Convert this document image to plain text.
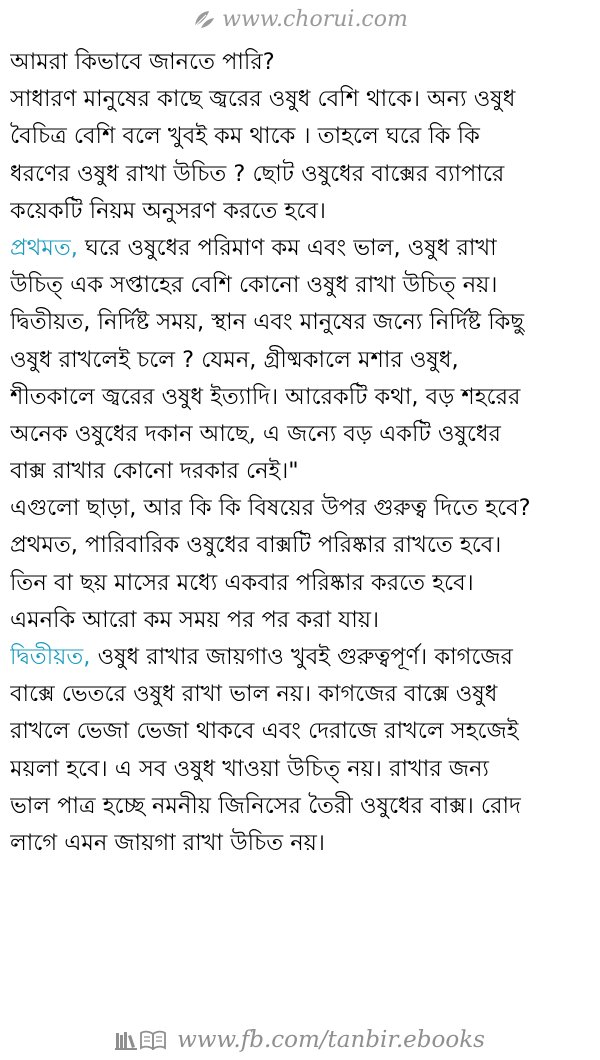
www.chorui.com
আমরা কিভাবে জানতে পারি?
সাধারণ মানুষের কাছে জ্বরের ওষুধ বেশি থাকে। অন্য ওষুধ
বৈচিত্র বেশি বলে খুবই কম থাকে । তাহলে ঘরে কি কি
ধরণের ওষুধ রাখা উচিত ? ছোট ওষুধের বাক্সের ব্যাপারে
কয়েকটি নিয়ম অনুসরণ করতে হবে।
প্রথমত, ঘরে ওষুধের পরিমাণ কম এবং ভাল, ওষুধ রাখা
উচিত্ এক সপ্তাহের বেশি কোনো ওষুধ রাখা উচিত্ নয়।
দ্বিতীয়ত, নির্দিষ্ট সময়, স্থান এবং মানুষের জন্যে নির্দিষ্ট কিছু
ওষুধ রাখলেই চলে ? যেমন, গ্রীষ্মকালে মশার ওষুধ,
শীতকালে জ্বরের ওষুধ ইত্যাদি। আরেকটি কথা, বড় শহরের
অনেক ওষুধের দকান আছে, এ জন্যে বড় একটি ওষুধের
বাক্স রাখার কোনো দরকার নেই।"
এগুলো ছাড়া, আর কি কি বিষয়ের উপর গুরুত্ব দিতে হবে?
প্রথমত, পারিবারিক ওষুধের বাক্সটি পরিষ্কার রাখতে হবে।
তিন বা ছয় মাসের মধ্যে একবার পরিষ্কার করতে হবে।
এমনকি আরো কম সময় পর পর করা যায়।
দ্বিতীয়ত, ওষুধ রাখার জায়গাও খুবই গুরুত্বপূর্ণ। কাগজের
বাক্সে ভেতরে ওষুধ রাখা ভাল নয়। কাগজের বাক্সে ওষুধ
রাখলে ভেজা ভেজা থাকবে এবং দেরাজে রাখলে সহজেই
ময়লা হবে। এ সব ওষুধ খাওয়া উচিত্ নয়। রাখার জন্য
ভাল পাত্র হচ্ছে নমনীয় জিনিসের তৈরী ওষুধের বাক্স। রোদ
লাগে এমন জায়গা রাখা উচিত নয়।
www.fb.com/tanbir.ebooks
